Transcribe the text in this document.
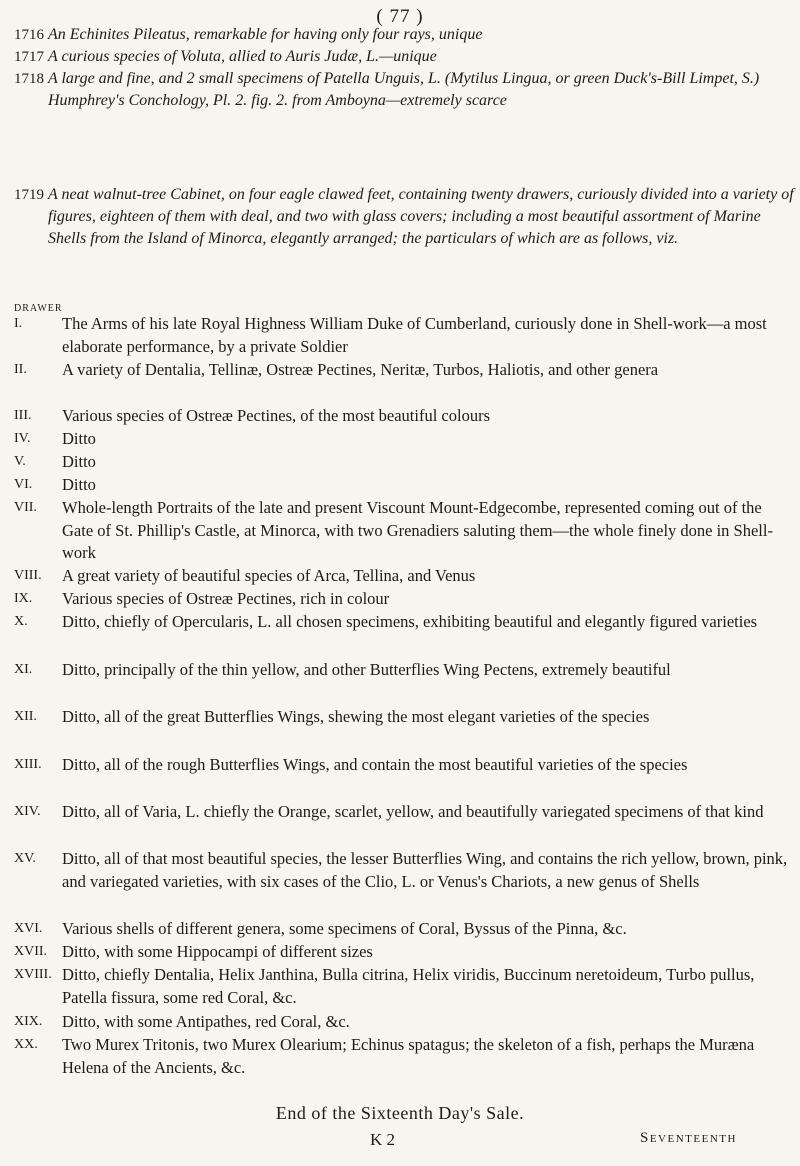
( 77 )
1716 An Echinites Pileatus, remarkable for having only four rays, unique
1717 A curious species of Voluta, allied to Auris Judæ, L.—unique
1718 A large and fine, and 2 small specimens of Patella Unguis, L. (Mytilus Lingua, or green Duck's-Bill Limpet, S.) Humphrey's Conchology, Pl. 2. fig. 2. from Amboyna—extremely scarce
1719 A neat walnut-tree Cabinet, on four eagle clawed feet, containing twenty drawers, curiously divided into a variety of figures, eighteen of them with deal, and two with glass covers; including a most beautiful assortment of Marine Shells from the Island of Minorca, elegantly arranged; the particulars of which are as follows, viz.
DRAWER
I.	The Arms of his late Royal Highness William Duke of Cumberland, curiously done in Shell-work—a most elaborate performance, by a private Soldier
II.	A variety of Dentalia, Tellinæ, Ostreæ Pectines, Neritæ, Turbos, Haliotis, and other genera
III.	Various species of Ostreæ Pectines, of the most beautiful colours
IV.	Ditto
V.	Ditto
VI.	Ditto
VII.	Whole-length Portraits of the late and present Viscount Mount-Edgecombe, represented coming out of the Gate of St. Phillip's Castle, at Minorca, with two Grenadiers saluting them—the whole finely done in Shell-work
VIII.	A great variety of beautiful species of Arca, Tellina, and Venus
IX.	Various species of Ostreæ Pectines, rich in colour
X.	Ditto, chiefly of Opercularis, L. all chosen specimens, exhibiting beautiful and elegantly figured varieties
XI.	Ditto, principally of the thin yellow, and other Butterflies Wing Pectens, extremely beautiful
XII.	Ditto, all of the great Butterflies Wings, shewing the most elegant varieties of the species
XIII.	Ditto, all of the rough Butterflies Wings, and contain the most beautiful varieties of the species
XIV.	Ditto, all of Varia, L. chiefly the Orange, scarlet, yellow, and beautifully variegated specimens of that kind
XV.	Ditto, all of that most beautiful species, the lesser Butterflies Wing, and contains the rich yellow, brown, pink, and variegated varieties, with six cases of the Clio, L. or Venus's Chariots, a new genus of Shells
XVI.	Various shells of different genera, some specimens of Coral, Byssus of the Pinna, &c.
XVII. Ditto, with some Hippocampi of different sizes
XVIII. Ditto, chiefly Dentalia, Helix Janthina, Bulla citrina, Helix viridis, Buccinum neretoideum, Turbo pullus, Patella fissura, some red Coral, &c.
XIX.	Ditto, with some Antipathes, red Coral, &c.
XX.	Two Murex Tritonis, two Murex Olearium; Echinus spatagus; the skeleton of a fish, perhaps the Muræna Helena of the Ancients, &c.
End of the Sixteenth Day's Sale.
K 2	Seventeenth
